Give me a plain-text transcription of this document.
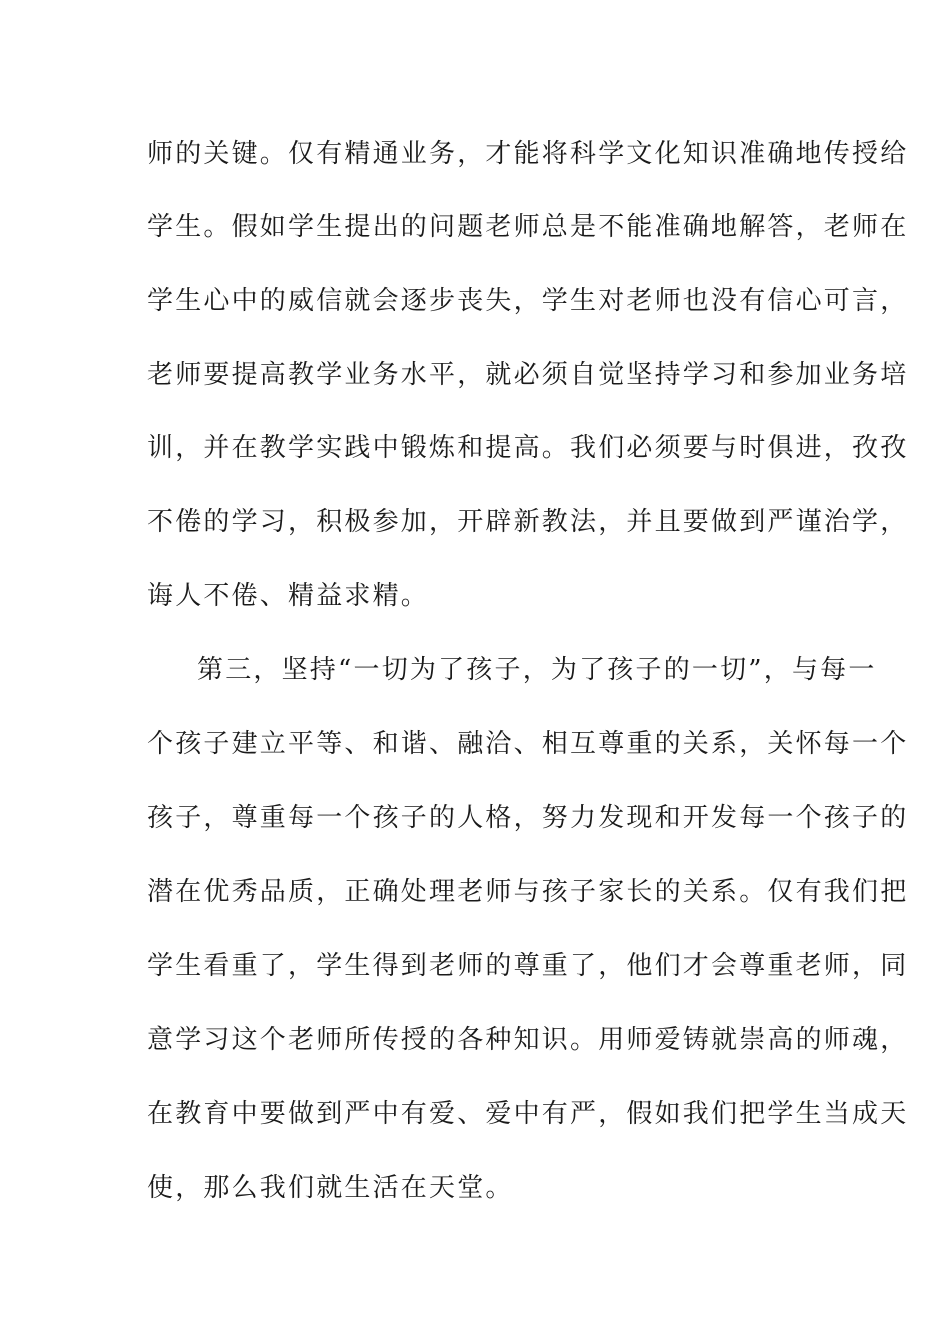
师的关键。仅有精通业务，才能将科学文化知识准确地传授给
学生。假如学生提出的问题老师总是不能准确地解答，老师在
学生心中的威信就会逐步丧失，学生对老师也没有信心可言，
老师要提高教学业务水平，就必须自觉坚持学习和参加业务培
训，并在教学实践中锻炼和提高。我们必须要与时俱进，孜孜
不倦的学习，积极参加，开辟新教法，并且要做到严谨治学，
诲人不倦、精益求精。
第三，坚持“一切为了孩子，为了孩子的一切”，与每一
个孩子建立平等、和谐、融洽、相互尊重的关系，关怀每一个
孩子，尊重每一个孩子的人格，努力发现和开发每一个孩子的
潜在优秀品质，正确处理老师与孩子家长的关系。仅有我们把
学生看重了，学生得到老师的尊重了，他们才会尊重老师，同
意学习这个老师所传授的各种知识。用师爱铸就崇高的师魂，
在教育中要做到严中有爱、爱中有严，假如我们把学生当成天
使，那么我们就生活在天堂。
